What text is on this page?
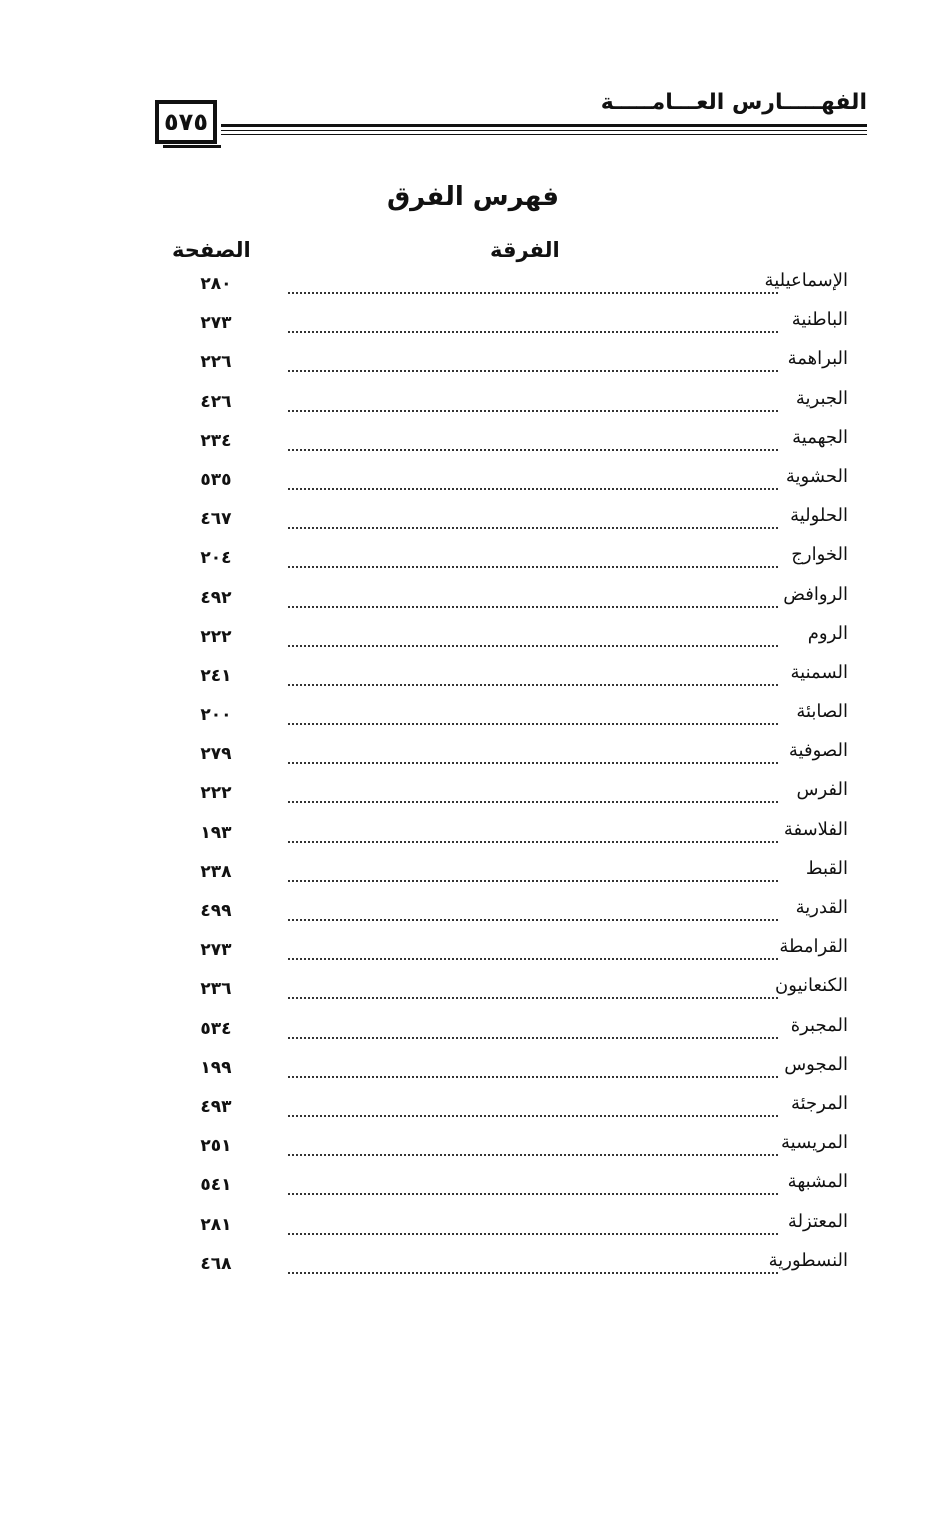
٥٧٥
الفهـــــارس العـــامـــــة
فهرس الفرق
الفرقة
الصفحة
الإسماعيلية
٢٨٠
الباطنية
٢٧٣
البراهمة
٢٢٦
الجبرية
٤٢٦
الجهمية
٢٣٤
الحشوية
٥٣٥
الحلولية
٤٦٧
الخوارج
٢٠٤
الروافض
٤٩٢
الروم
٢٢٢
السمنية
٢٤١
الصابئة
٢٠٠
الصوفية
٢٧٩
الفرس
٢٢٢
الفلاسفة
١٩٣
القبط
٢٣٨
القدرية
٤٩٩
القرامطة
٢٧٣
الكنعانيون
٢٣٦
المجبرة
٥٣٤
المجوس
١٩٩
المرجئة
٤٩٣
المريسية
٢٥١
المشبهة
٥٤١
المعتزلة
٢٨١
النسطورية
٤٦٨
